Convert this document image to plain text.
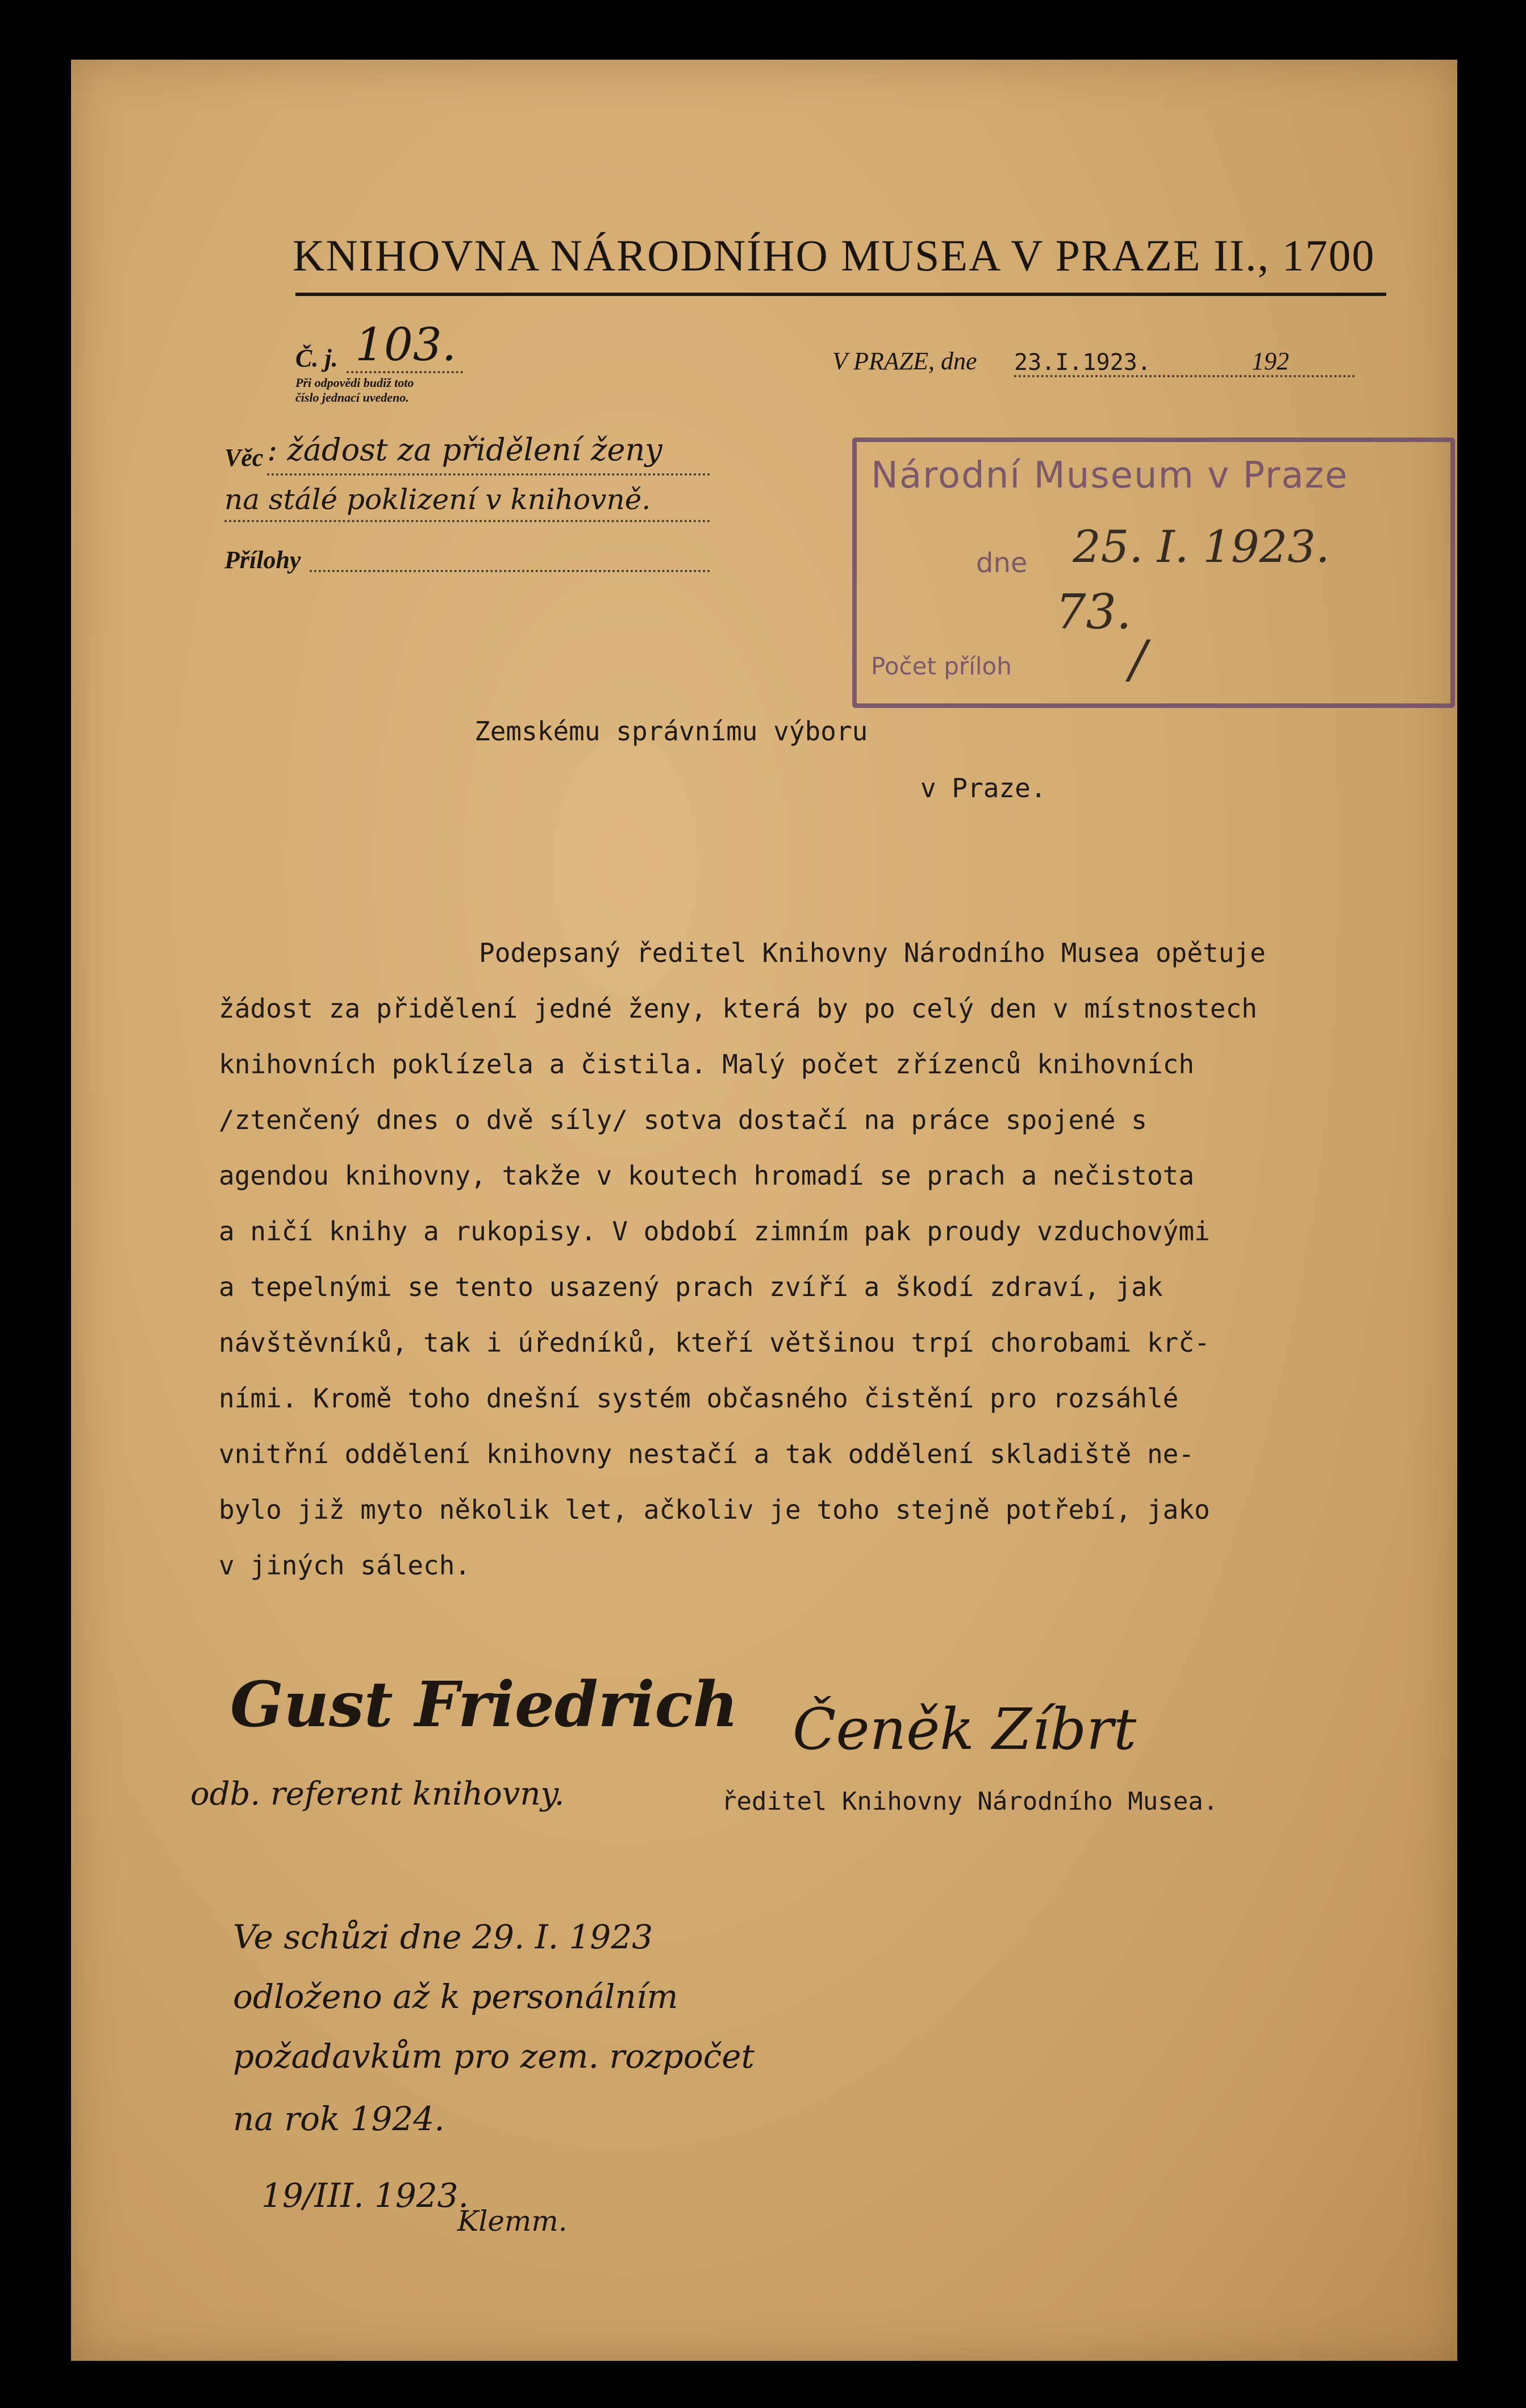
KNIHOVNA NÁRODNÍHO MUSEA V PRAZE II., 1700
Č. j. 103.
Při odpovědi budiž toto
číslo jednací uvedeno.
V PRAZE, dne 23.I.1923.	192
Věc : žádost za přidělení ženy
na stálé poklizení v knihovně.
Přílohy
Národní Museum v Praze
dne 25. I. 1923.
73.
Počet příloh /
Zemskému správnímu výboru
v Praze.
Podepsaný ředitel Knihovny Národního Musea opětuje
žádost za přidělení jedné ženy, která by po celý den v místnostech
knihovních poklízela a čistila. Malý počet zřízenců knihovních
/ztenčený dnes o dvě síly/ sotva dostačí na práce spojené s
agendou knihovny, takže v koutech hromadí se prach a nečistota
a ničí knihy a rukopisy. V období zimním pak proudy vzduchovými
a tepelnými se tento usazený prach zvíří a škodí zdraví, jak
návštěvníků, tak i úředníků, kteří většinou trpí chorobami krč-
ními. Kromě toho dnešní systém občasného čistění pro rozsáhlé
vnitřní oddělení knihovny nestačí a tak oddělení skladiště ne-
bylo již myto několik let, ačkoliv je toho stejně potřebí, jako
v jiných sálech.
Gust Friedrich
odb. referent knihovny.
Čeněk Zíbrt
ředitel Knihovny Národního Musea.
Ve schůzi dne 29. I. 1923
odloženo až k personálním
požadavkům pro zem. rozpočet
na rok 1924.
19/III. 1923.
Klemm.
